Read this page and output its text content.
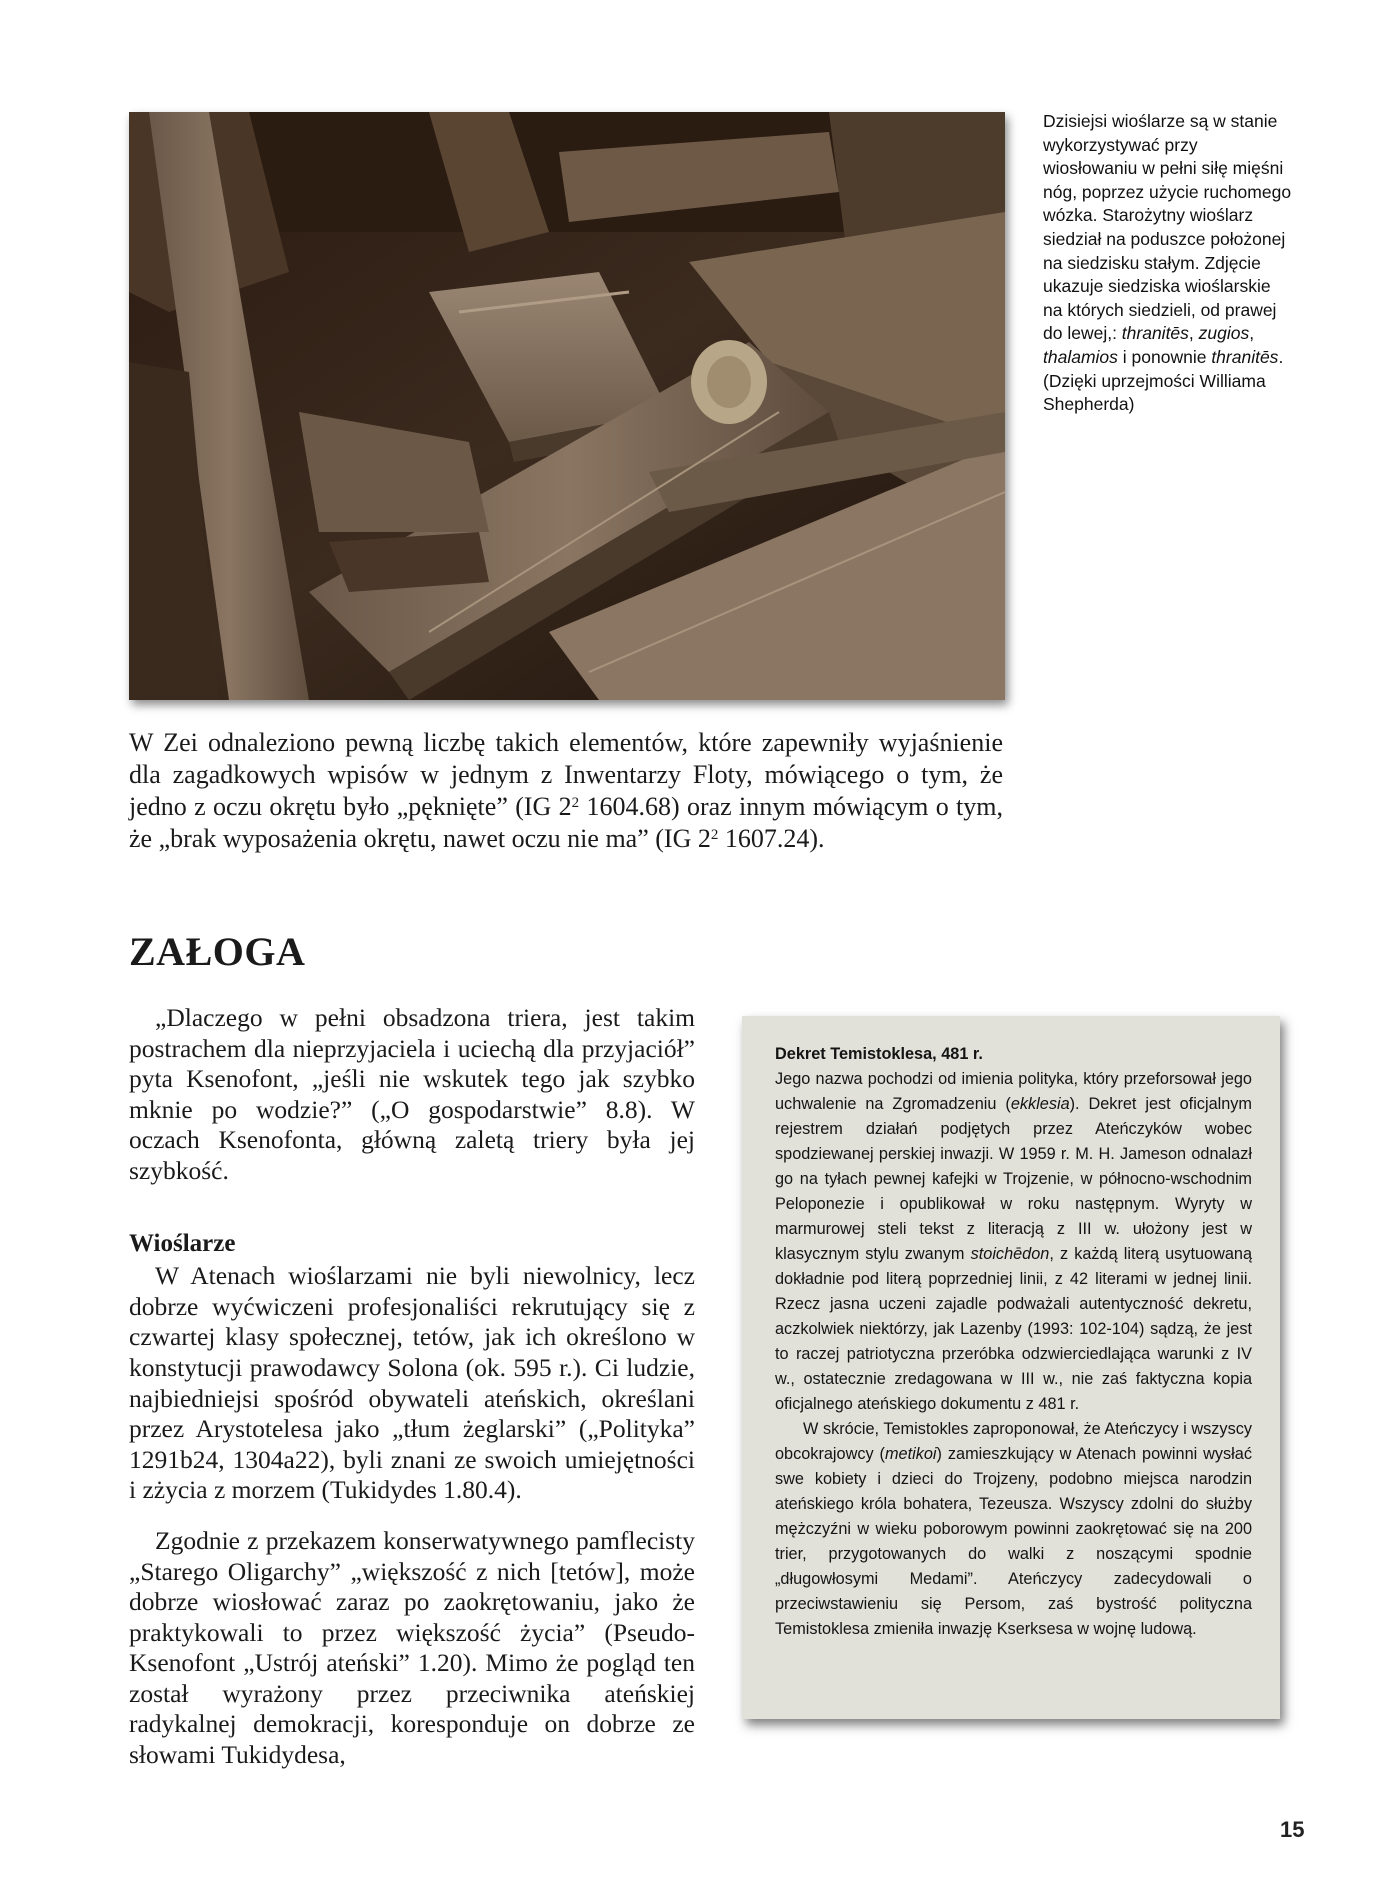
Dzisiejsi wioślarze są w stanie wykorzystywać przy wiosłowaniu w pełni siłę mięśni nóg, poprzez użycie ruchomego wózka. Starożytny wioślarz siedział na poduszce położonej na siedzisku stałym. Zdjęcie ukazuje siedziska wioślarskie na których siedzieli, od prawej do lewej,: thranitēs, zugios, thalamios i ponownie thranitēs. (Dzięki uprzejmości Williama Shepherda)

W Zei odnaleziono pewną liczbę takich elementów, które zapewniły wyjaśnienie dla zagadkowych wpisów w jednym z Inwentarzy Floty, mówiącego o tym, że jedno z oczu okrętu było „pęknięte” (IG $2^2$ 1604.68) oraz innym mówiącym o tym, że „brak wyposażenia okrętu, nawet oczu nie ma” (IG $2^2$ 1607.24).

ZAŁOGA

„Dlaczego w pełni obsadzona triera, jest takim postrachem dla nieprzyjaciela i uciechą dla przyjaciół” pyta Ksenofont, „jeśli nie wskutek tego jak szybko mknie po wodzie?” („O gospodarstwie” 8.8). W oczach Ksenofonta, główną zaletą triery była jej szybkość.

Wioślarze

W Atenach wioślarzami nie byli niewolnicy, lecz dobrze wyćwiczeni profesjonaliści rekrutujący się z czwartej klasy społecznej, tetów, jak ich określono w konstytucji prawodawcy Solona (ok. 595 r.). Ci ludzie, najbiedniejsi spośród obywateli ateńskich, określani przez Arystotelesa jako „tłum żeglarski” („Polityka” 1291b24, 1304a22), byli znani ze swoich umiejętności i zżycia z morzem (Tukidydes 1.80.4).

Zgodnie z przekazem konserwatywnego pamflecisty „Starego Oligarchy” „większość z nich [tetów], może dobrze wiosłować zaraz po zaokrętowaniu, jako że praktykowali to przez większość życia” (Pseudo-Ksenofont „Ustrój ateński” 1.20). Mimo że pogląd ten został wyrażony przez przeciwnika ateńskiej radykalnej demokracji, koresponduje on dobrze ze słowami Tukidydesa,

Dekret Temistoklesa, 481 r.

Jego nazwa pochodzi od imienia polityka, który przeforsował jego uchwalenie na Zgromadzeniu (ekklesia). Dekret jest oficjalnym rejestrem działań podjętych przez Ateńczyków wobec spodziewanej perskiej inwazji. W 1959 r. M. H. Jameson odnalazł go na tyłach pewnej kafejki w Trojzenie, w północno-wschodnim Peloponezie i opublikował w roku następnym. Wyryty w marmurowej steli tekst z literacją z III w. ułożony jest w klasycznym stylu zwanym stoichēdon, z każdą literą usytuowaną dokładnie pod literą poprzedniej linii, z 42 literami w jednej linii. Rzecz jasna uczeni zajadle podważali autentyczność dekretu, aczkolwiek niektórzy, jak Lazenby (1993: 102-104) sądzą, że jest to raczej patriotyczna przeróbka odzwierciedlająca warunki z IV w., ostatecznie zredagowana w III w., nie zaś faktyczna kopia oficjalnego ateńskiego dokumentu z 481 r.

W skrócie, Temistokles zaproponował, że Ateńczycy i wszyscy obcokrajowcy (metikoi) zamieszkujący w Atenach powinni wysłać swe kobiety i dzieci do Trojzeny, podobno miejsca narodzin ateńskiego króla bohatera, Tezeusza. Wszyscy zdolni do służby mężczyźni w wieku poborowym powinni zaokrętować się na 200 trier, przygotowanych do walki z noszącymi spodnie „długowłosymi Medami”. Ateńczycy zadecydowali o przeciwstawieniu się Persom, zaś bystrość polityczna Temistoklesa zmieniła inwazję Kserksesa w wojnę ludową.

15
